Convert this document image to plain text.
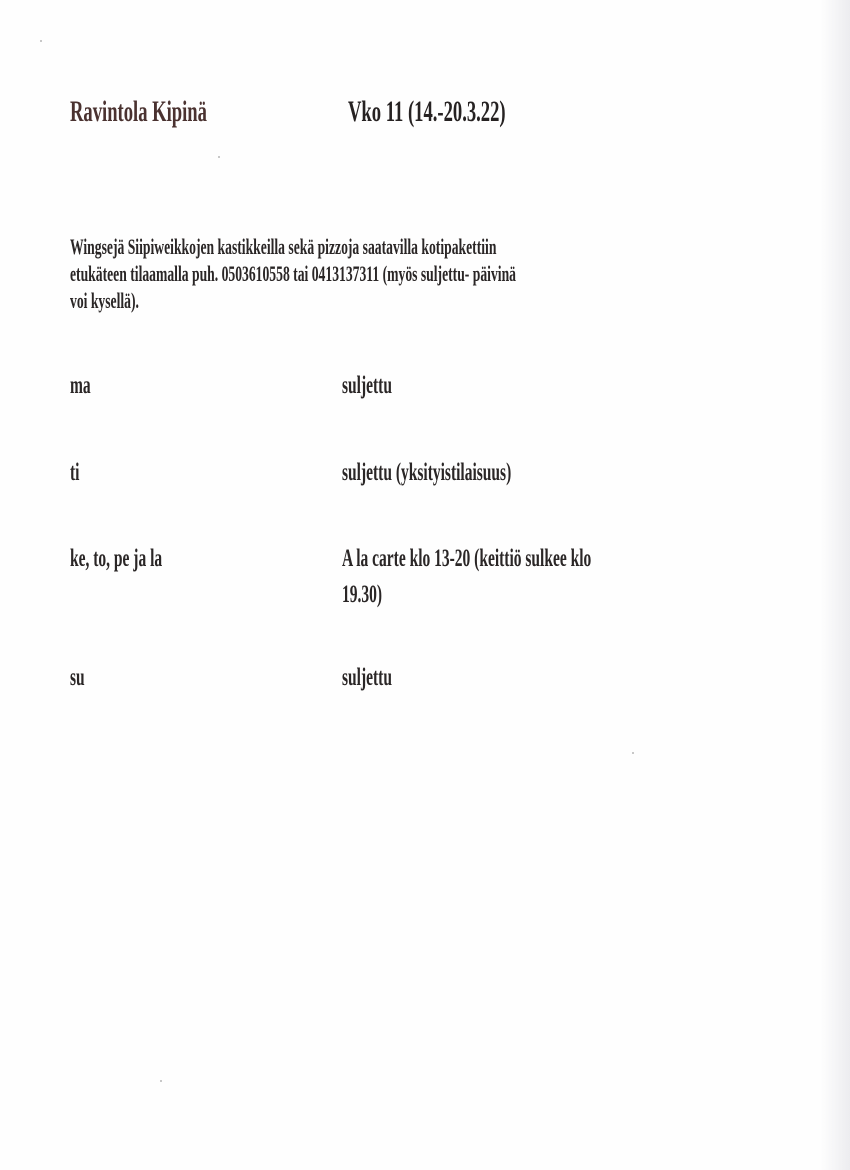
Ravintola Kipinä	Vko 11 (14.-20.3.22)
Wingsejä Siipiweikkojen kastikkeilla sekä pizzoja saatavilla kotipakettiin
etukäteen tilaamalla puh. 0503610558 tai 0413137311 (myös suljettu- päivinä
voi kysellä).
ma	suljettu
ti	suljettu (yksityistilaisuus)
ke, to, pe ja la	A la carte klo 13-20 (keittiö sulkee klo
19.30)
su	suljettu
